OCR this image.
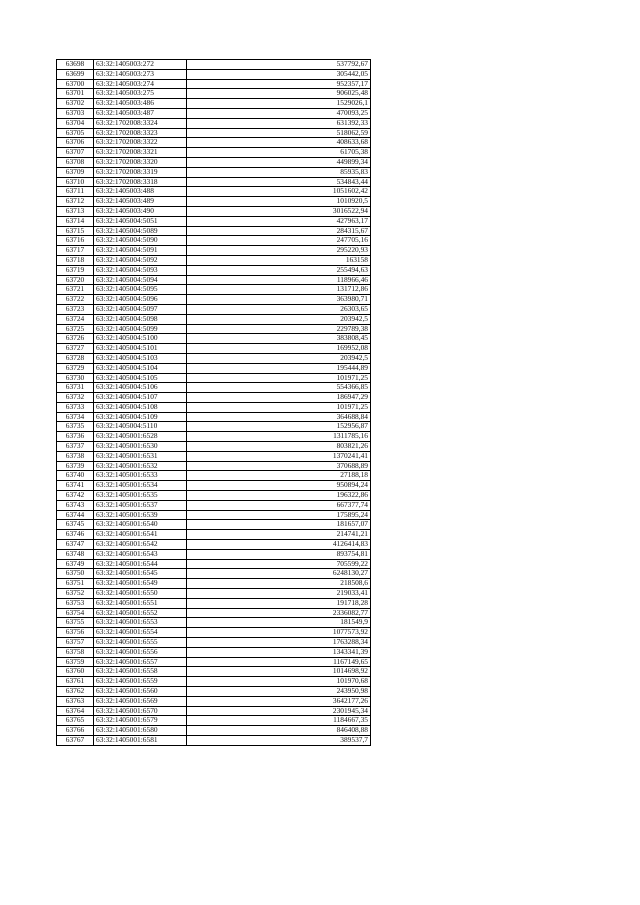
63698	63:32:1405003:272	537792,67
63699	63:32:1405003:273	305442,05
63700	63:32:1405003:274	952357,17
63701	63:32:1405003:275	906025,48
63702	63:32:1405003:486	1529026,1
63703	63:32:1405003:487	470093,25
63704	63:32:1702008:3324	631392,33
63705	63:32:1702008:3323	518062,59
63706	63:32:1702008:3322	408633,68
63707	63:32:1702008:3321	61705,38
63708	63:32:1702008:3320	449899,34
63709	63:32:1702008:3319	85935,83
63710	63:32:1702008:3318	534843,44
63711	63:32:1405003:488	1051602,42
63712	63:32:1405003:489	1010920,5
63713	63:32:1405003:490	3016522,94
63714	63:32:1405004:5051	427963,17
63715	63:32:1405004:5089	284315,67
63716	63:32:1405004:5090	247705,16
63717	63:32:1405004:5091	295220,93
63718	63:32:1405004:5092	163158
63719	63:32:1405004:5093	255494,63
63720	63:32:1405004:5094	118966,46
63721	63:32:1405004:5095	131712,86
63722	63:32:1405004:5096	363980,71
63723	63:32:1405004:5097	26303,65
63724	63:32:1405004:5098	203942,5
63725	63:32:1405004:5099	229789,38
63726	63:32:1405004:5100	383808,45
63727	63:32:1405004:5101	169952,08
63728	63:32:1405004:5103	203942,5
63729	63:32:1405004:5104	195444,89
63730	63:32:1405004:5105	101971,25
63731	63:32:1405004:5106	554366,85
63732	63:32:1405004:5107	186947,29
63733	63:32:1405004:5108	101971,25
63734	63:32:1405004:5109	364688,84
63735	63:32:1405004:5110	152956,87
63736	63:32:1405001:6528	1311785,16
63737	63:32:1405001:6530	803821,26
63738	63:32:1405001:6531	1370241,41
63739	63:32:1405001:6532	370688,89
63740	63:32:1405001:6533	27188,18
63741	63:32:1405001:6534	950894,24
63742	63:32:1405001:6535	196322,86
63743	63:32:1405001:6537	667377,74
63744	63:32:1405001:6539	175895,24
63745	63:32:1405001:6540	181657,07
63746	63:32:1405001:6541	214741,21
63747	63:32:1405001:6542	4126414,83
63748	63:32:1405001:6543	893754,81
63749	63:32:1405001:6544	705599,22
63750	63:32:1405001:6545	6248130,27
63751	63:32:1405001:6549	218508,6
63752	63:32:1405001:6550	219033,41
63753	63:32:1405001:6551	191718,28
63754	63:32:1405001:6552	2336082,77
63755	63:32:1405001:6553	181549,9
63756	63:32:1405001:6554	1077573,92
63757	63:32:1405001:6555	1763288,34
63758	63:32:1405001:6556	1343341,39
63759	63:32:1405001:6557	1167149,65
63760	63:32:1405001:6558	1014698,92
63761	63:32:1405001:6559	101970,68
63762	63:32:1405001:6560	243950,98
63763	63:32:1405001:6569	3642177,26
63764	63:32:1405001:6570	2301945,34
63765	63:32:1405001:6579	1184667,35
63766	63:32:1405001:6580	846408,88
63767	63:32:1405001:6581	389537,7
